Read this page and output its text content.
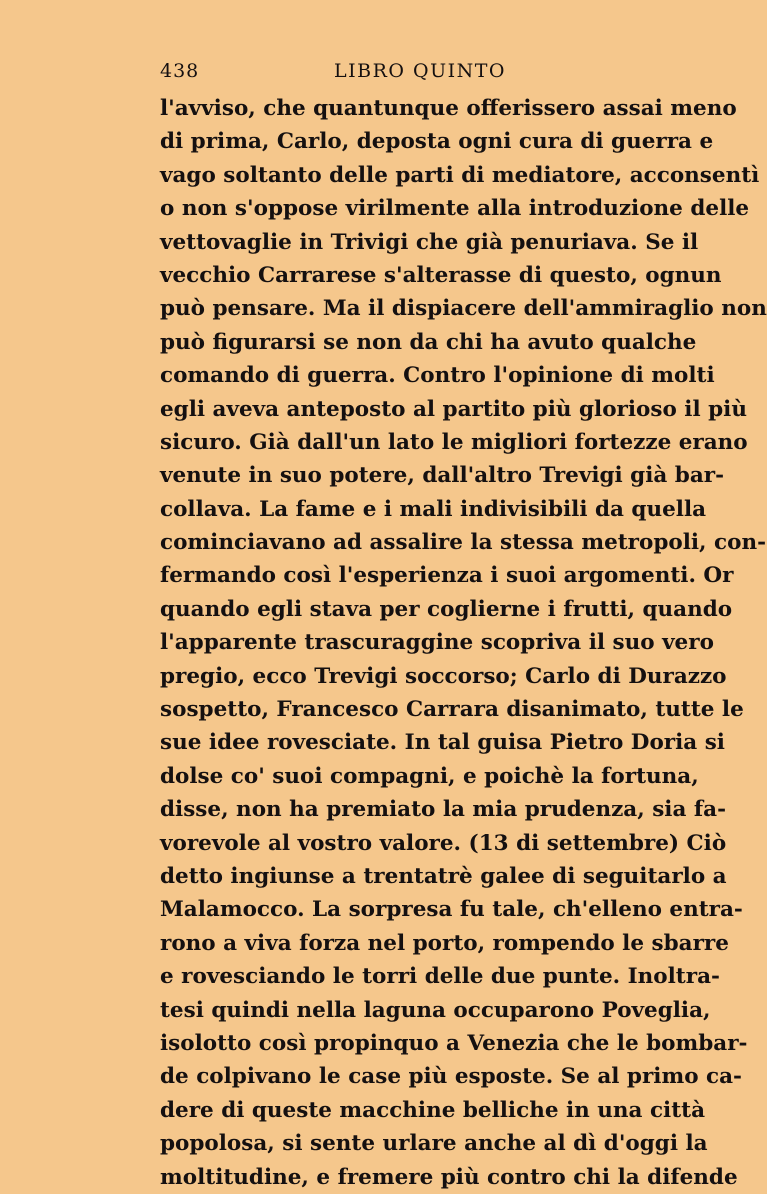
438	LIBRO QUINTO
l'avviso, che quantunque offerissero assai meno
di prima, Carlo, deposta ogni cura di guerra e
vago soltanto delle parti di mediatore, acconsentì
o non s'oppose virilmente alla introduzione delle
vettovaglie in Trivigi che già penuriava. Se il
vecchio Carrarese s'alterasse di questo, ognun
può pensare. Ma il dispiacere dell'ammiraglio non
può figurarsi se non da chi ha avuto qualche
comando di guerra. Contro l'opinione di molti
egli aveva anteposto al partito più glorioso il più
sicuro. Già dall'un lato le migliori fortezze erano
venute in suo potere, dall'altro Trevigi già bar-
collava. La fame e i mali indivisibili da quella
cominciavano ad assalire la stessa metropoli, con-
fermando così l'esperienza i suoi argomenti. Or
quando egli stava per coglierne i frutti, quando
l'apparente trascuraggine scopriva il suo vero
pregio, ecco Trevigi soccorso; Carlo di Durazzo
sospetto, Francesco Carrara disanimato, tutte le
sue idee rovesciate. In tal guisa Pietro Doria si
dolse co' suoi compagni, e poichè la fortuna,
disse, non ha premiato la mia prudenza, sia fa-
vorevole al vostro valore. (13 di settembre) Ciò
detto ingiunse a trentatrè galee di seguitarlo a
Malamocco. La sorpresa fu tale, ch'elleno entra-
rono a viva forza nel porto, rompendo le sbarre
e rovesciando le torri delle due punte. Inoltra-
tesi quindi nella laguna occuparono Poveglia,
isolotto così propinquo a Venezia che le bombar-
de colpivano le case più esposte. Se al primo ca-
dere di queste macchine belliche in una città
popolosa, si sente urlare anche al dì d'oggi la
moltitudine, e fremere più contro chi la difende
